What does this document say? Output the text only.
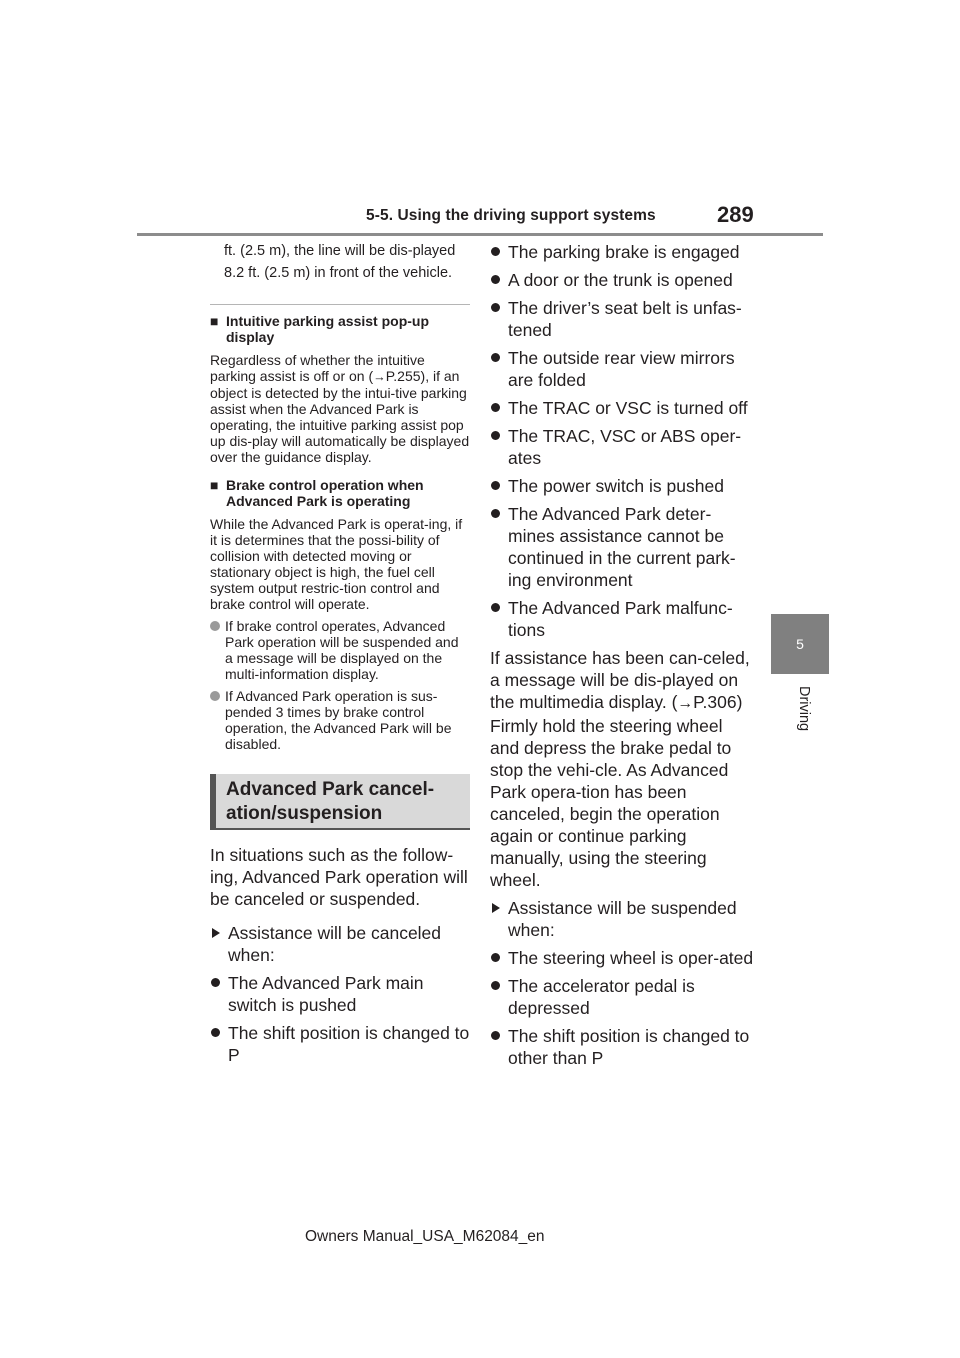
5-5. Using the driving support systems	289
5
Driving

ft. (2.5 m), the line will be dis-played 8.2 ft. (2.5 m) in front of the vehicle.

■ Intuitive parking assist pop-up display

Regardless of whether the intuitive parking assist is off or on (→P.255), if an object is detected by the intui-tive parking assist when the Advanced Park is operating, the intuitive parking assist pop up dis-play will automatically be displayed over the guidance display.

■ Brake control operation when Advanced Park is operating

While the Advanced Park is operat-ing, if it is determines that the possi-bility of collision with detected moving or stationary object is high, the fuel cell system output restric-tion control and brake control will operate.

If brake control operates, Advanced Park operation will be suspended and a message will be displayed on the multi-information display.
If Advanced Park operation is sus-pended 3 times by brake control operation, the Advanced Park will be disabled.
Advanced Park cancel-ation/suspension

In situations such as the follow-ing, Advanced Park operation will be canceled or suspended.

Assistance will be canceled when:
The Advanced Park main switch is pushed
The shift position is changed to P
The parking brake is engaged
A door or the trunk is opened
The driver’s seat belt is unfas-tened
The outside rear view mirrors are folded
The TRAC or VSC is turned off
The TRAC, VSC or ABS oper-ates
The power switch is pushed
The Advanced Park deter-mines assistance cannot be continued in the current park-ing environment
The Advanced Park malfunc-tions

If assistance has been can-celed, a message will be dis-played on the multimedia display. (→P.306) Firmly hold the steering wheel and depress the brake pedal to stop the vehi-cle. As Advanced Park opera-tion has been canceled, begin the operation again or continue parking manually, using the steering wheel.

Assistance will be suspended when:
The steering wheel is oper-ated
The accelerator pedal is depressed
The shift position is changed to other than P
Owners Manual_USA_M62084_en
